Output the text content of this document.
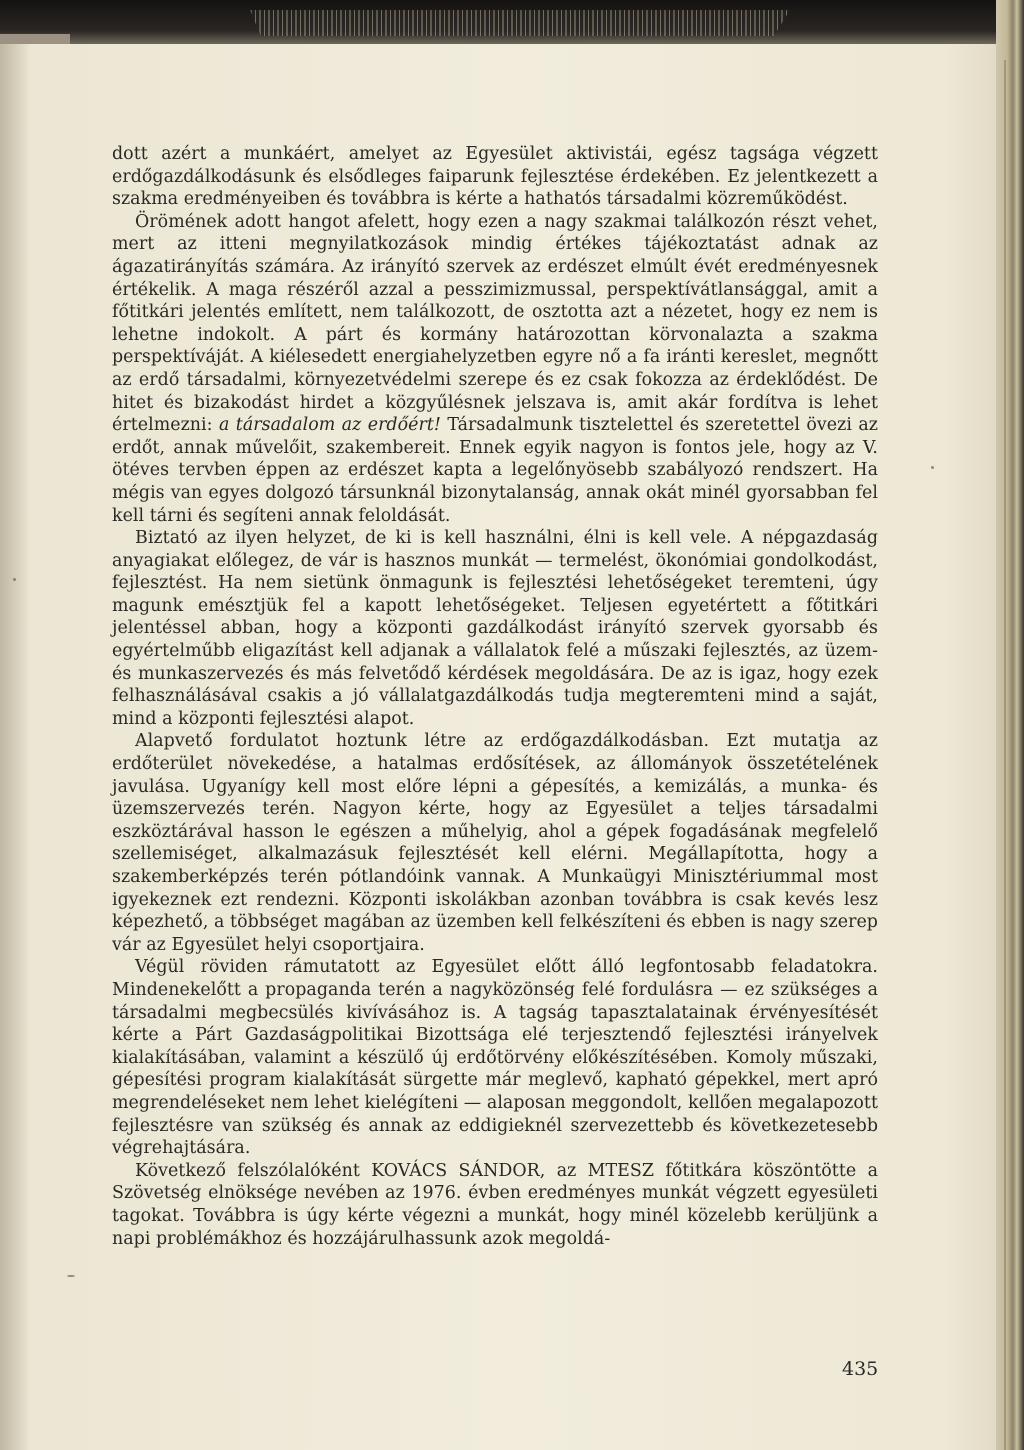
dott azért a munkáért, amelyet az Egyesület aktivistái, egész tagsága végzett erdőgazdálkodásunk és elsődleges faiparunk fejlesztése érdekében. Ez jelentkezett a szakma eredményeiben és továbbra is kérte a hathatós társadalmi közreműködést.

Örömének adott hangot afelett, hogy ezen a nagy szakmai találkozón részt vehet, mert az itteni megnyilatkozások mindig értékes tájékoztatást adnak az ágazatirányítás számára. Az irányító szervek az erdészet elmúlt évét eredményesnek értékelik. A maga részéről azzal a pesszimizmussal, perspektívátlansággal, amit a főtitkári jelentés említett, nem találkozott, de osztotta azt a nézetet, hogy ez nem is lehetne indokolt. A párt és kormány határozottan körvonalazta a szakma perspektíváját. A kiélesedett energiahelyzetben egyre nő a fa iránti kereslet, megnőtt az erdő társadalmi, környezetvédelmi szerepe és ez csak fokozza az érdeklődést. De hitet és bizakodást hirdet a közgyűlésnek jelszava is, amit akár fordítva is lehet értelmezni: a társadalom az erdőért! Társadalmunk tisztelettel és szeretettel övezi az erdőt, annak művelőit, szakembereit. Ennek egyik nagyon is fontos jele, hogy az V. ötéves tervben éppen az erdészet kapta a legelőnyösebb szabályozó rendszert. Ha mégis van egyes dolgozó társunknál bizonytalanság, annak okát minél gyorsabban fel kell tárni és segíteni annak feloldását.

Biztató az ilyen helyzet, de ki is kell használni, élni is kell vele. A népgazdaság anyagiakat előlegez, de vár is hasznos munkát — termelést, ökonómiai gondolkodást, fejlesztést. Ha nem sietünk önmagunk is fejlesztési lehetőségeket teremteni, úgy magunk emésztjük fel a kapott lehetőségeket. Teljesen egyetértett a főtitkári jelentéssel abban, hogy a központi gazdálkodást irányító szervek gyorsabb és egyértelműbb eligazítást kell adjanak a vállalatok felé a műszaki fejlesztés, az üzem- és munkaszervezés és más felvetődő kérdések megoldására. De az is igaz, hogy ezek felhasználásával csakis a jó vállalatgazdálkodás tudja megteremteni mind a saját, mind a központi fejlesztési alapot.

Alapvető fordulatot hoztunk létre az erdőgazdálkodásban. Ezt mutatja az erdőterület növekedése, a hatalmas erdősítések, az állományok összetételének javulása. Ugyanígy kell most előre lépni a gépesítés, a kemizálás, a munka- és üzemszervezés terén. Nagyon kérte, hogy az Egyesület a teljes társadalmi eszköztárával hasson le egészen a műhelyig, ahol a gépek fogadásának megfelelő szellemiséget, alkalmazásuk fejlesztését kell elérni. Megállapította, hogy a szakemberképzés terén pótlandóink vannak. A Munkaügyi Minisztériummal most igyekeznek ezt rendezni. Központi iskolákban azonban továbbra is csak kevés lesz képezhető, a többséget magában az üzemben kell felkészíteni és ebben is nagy szerep vár az Egyesület helyi csoportjaira.

Végül röviden rámutatott az Egyesület előtt álló legfontosabb feladatokra. Mindenekelőtt a propaganda terén a nagyközönség felé fordulásra — ez szükséges a társadalmi megbecsülés kivívásához is. A tagság tapasztalatainak érvényesítését kérte a Párt Gazdaságpolitikai Bizottsága elé terjesztendő fejlesztési irányelvek kialakításában, valamint a készülő új erdőtörvény előkészítésében. Komoly műszaki, gépesítési program kialakítását sürgette már meglevő, kapható gépekkel, mert apró megrendeléseket nem lehet kielégíteni — alaposan meggondolt, kellően megalapozott fejlesztésre van szükség és annak az eddigieknél szervezettebb és következetesebb végrehajtására.

Következő felszólalóként KOVÁCS SÁNDOR, az MTESZ főtitkára köszöntötte a Szövetség elnöksége nevében az 1976. évben eredményes munkát végzett egyesületi tagokat. Továbbra is úgy kérte végezni a munkát, hogy minél közelebb kerüljünk a napi problémákhoz és hozzájárulhassunk azok megoldá-

435
